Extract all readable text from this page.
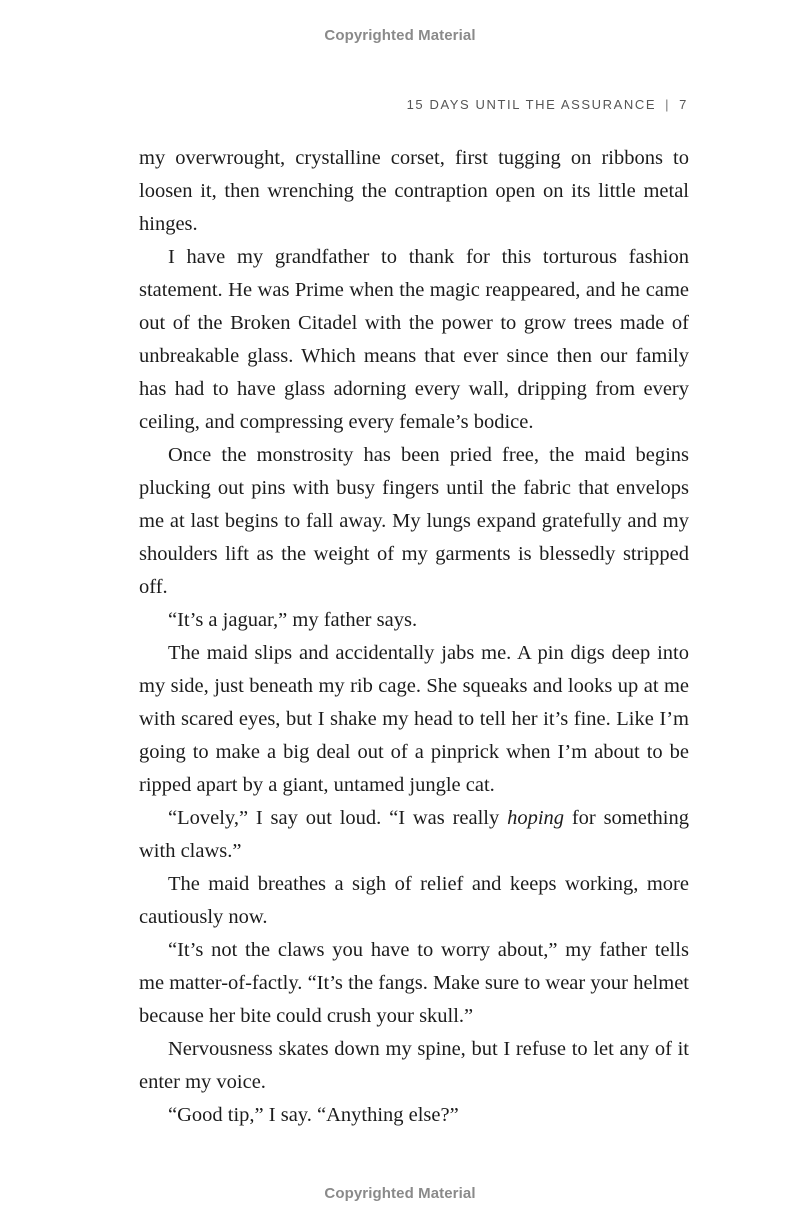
Copyrighted Material
15 DAYS UNTIL THE ASSURANCE | 7

my overwrought, crystalline corset, first tugging on ribbons to loosen it, then wrenching the contraption open on its little metal hinges.

I have my grandfather to thank for this torturous fashion statement. He was Prime when the magic reappeared, and he came out of the Broken Citadel with the power to grow trees made of unbreakable glass. Which means that ever since then our family has had to have glass adorning every wall, dripping from every ceiling, and compressing every female’s bodice.

Once the monstrosity has been pried free, the maid begins plucking out pins with busy fingers until the fabric that envelops me at last begins to fall away. My lungs expand gratefully and my shoulders lift as the weight of my garments is blessedly stripped off.

“It’s a jaguar,” my father says.

The maid slips and accidentally jabs me. A pin digs deep into my side, just beneath my rib cage. She squeaks and looks up at me with scared eyes, but I shake my head to tell her it’s fine. Like I’m going to make a big deal out of a pinprick when I’m about to be ripped apart by a giant, untamed jungle cat.

“Lovely,” I say out loud. “I was really hoping for something with claws.”

The maid breathes a sigh of relief and keeps working, more cautiously now.

“It’s not the claws you have to worry about,” my father tells me matter-of-factly. “It’s the fangs. Make sure to wear your helmet because her bite could crush your skull.”

Nervousness skates down my spine, but I refuse to let any of it enter my voice.

“Good tip,” I say. “Anything else?”

Copyrighted Material
